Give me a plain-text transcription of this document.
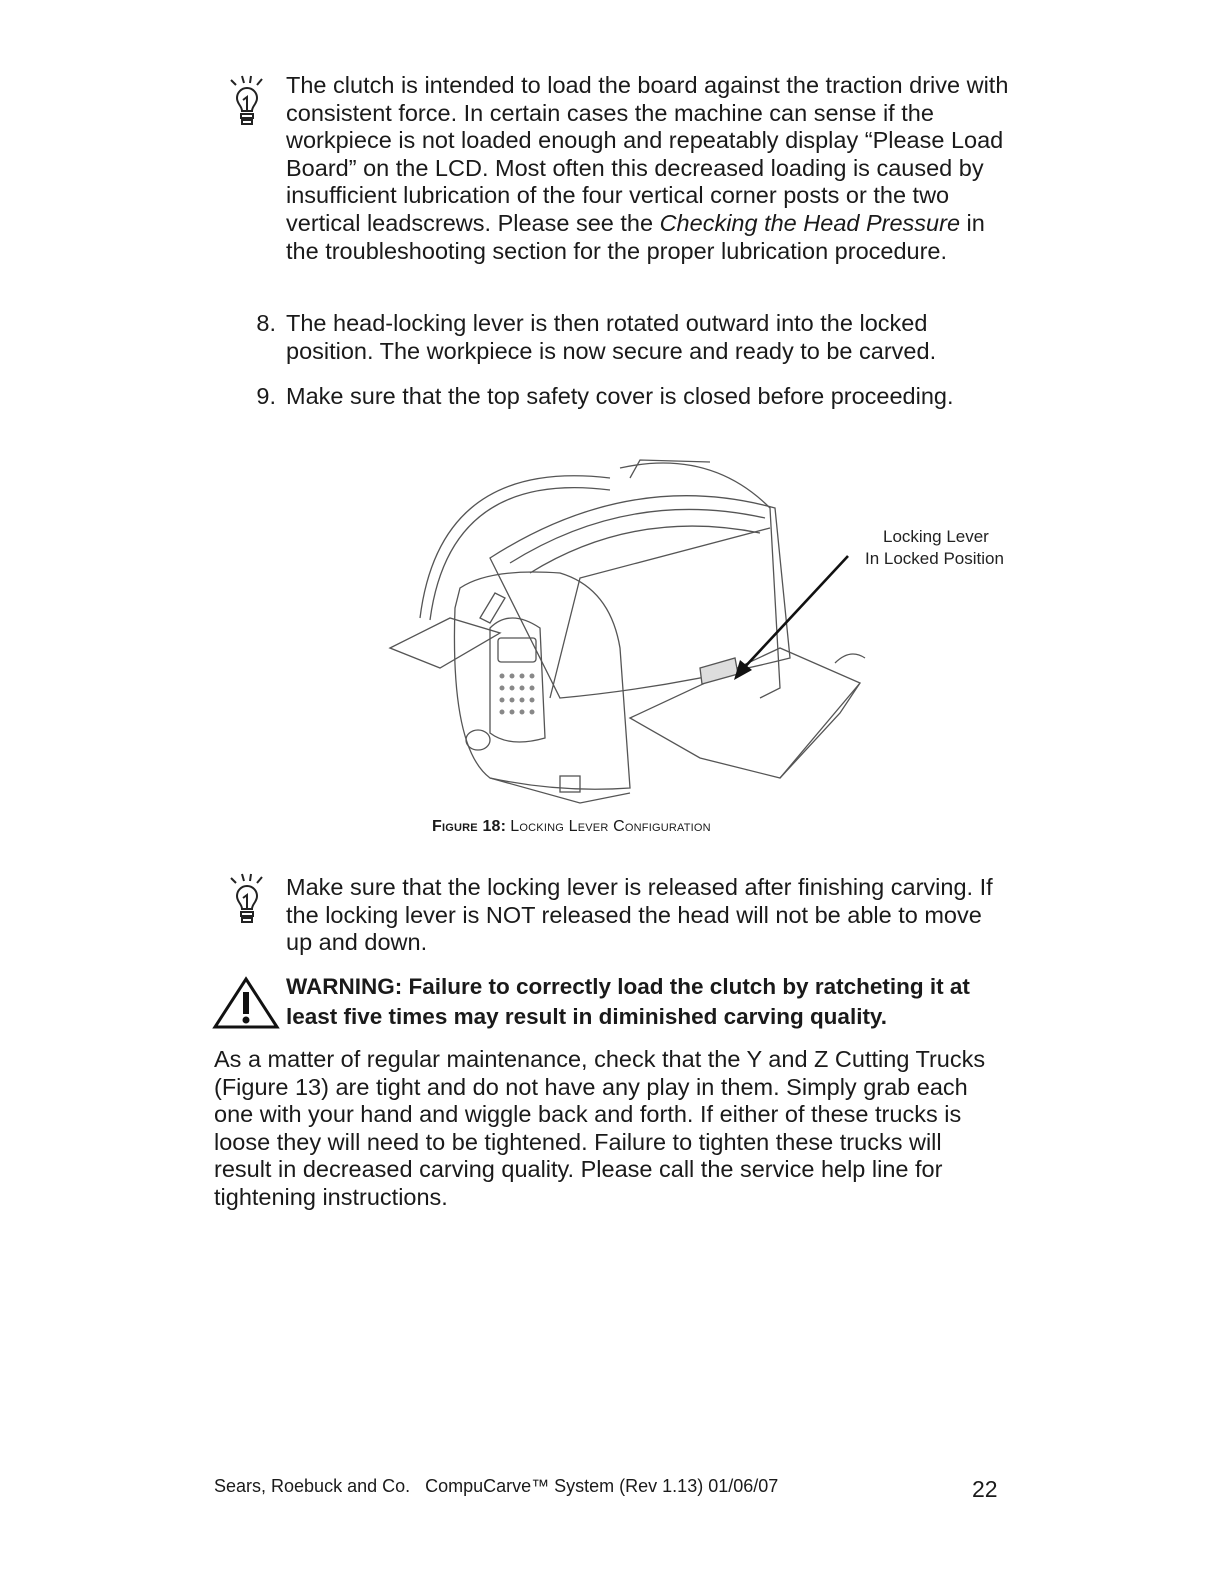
The clutch is intended to load the board against the traction drive with consistent force. In certain cases the machine can sense if the workpiece is not loaded enough and repeatably display “Please Load Board” on the LCD. Most often this decreased loading is caused by insufficient lubrication of the four vertical corner posts or the two vertical leadscrews. Please see the Checking the Head Pressure in the troubleshooting section for the proper lubrication procedure.

8. The head-locking lever is then rotated outward into the locked position. The workpiece is now secure and ready to be carved.
9. Make sure that the top safety cover is closed before proceeding.
Locking Lever
In Locked Position
Figure 18: Locking Lever Configuration

Make sure that the locking lever is released after finishing carving. If the locking lever is NOT released the head will not be able to move up and down.

WARNING: Failure to correctly load the clutch by ratcheting it at least five times may result in diminished carving quality.

As a matter of regular maintenance, check that the Y and Z Cutting Trucks (Figure 13) are tight and do not have any play in them. Simply grab each one with your hand and wiggle back and forth. If either of these trucks is loose they will need to be tightened. Failure to tighten these trucks will result in decreased carving quality. Please call the service help line for tightening instructions.

Sears, Roebuck and Co.   CompuCarve™ System (Rev 1.13) 01/06/07	22
